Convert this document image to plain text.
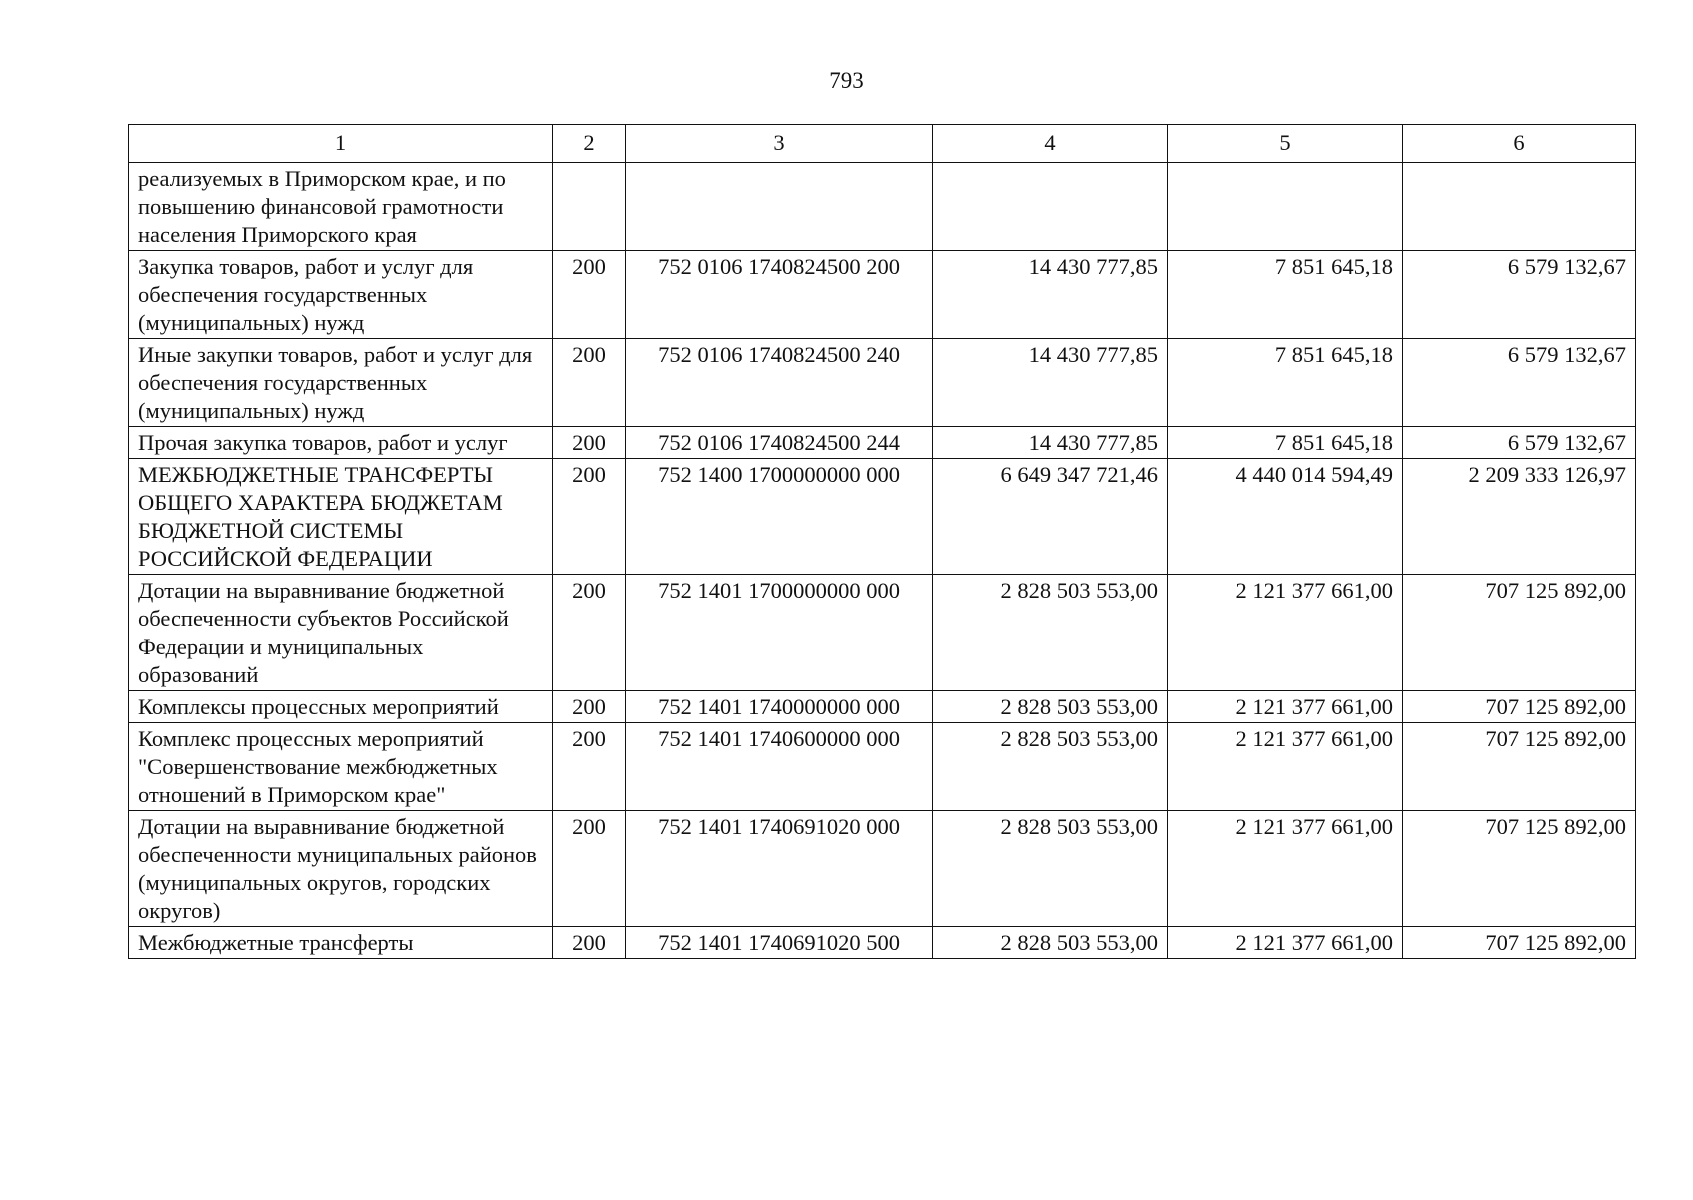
793
1	2	3	4	5	6
реализуемых в Приморском крае, и по повышению финансовой грамотности населения Приморского края					
Закупка товаров, работ и услуг для обеспечения государственных (муниципальных) нужд	200	752 0106 1740824500 200	14 430 777,85	7 851 645,18	6 579 132,67
Иные закупки товаров, работ и услуг для обеспечения государственных (муниципальных) нужд	200	752 0106 1740824500 240	14 430 777,85	7 851 645,18	6 579 132,67
Прочая закупка товаров, работ и услуг	200	752 0106 1740824500 244	14 430 777,85	7 851 645,18	6 579 132,67
МЕЖБЮДЖЕТНЫЕ ТРАНСФЕРТЫ ОБЩЕГО ХАРАКТЕРА БЮДЖЕТАМ БЮДЖЕТНОЙ СИСТЕМЫ РОССИЙСКОЙ ФЕДЕРАЦИИ	200	752 1400 1700000000 000	6 649 347 721,46	4 440 014 594,49	2 209 333 126,97
Дотации на выравнивание бюджетной обеспеченности субъектов Российской Федерации и муниципальных образований	200	752 1401 1700000000 000	2 828 503 553,00	2 121 377 661,00	707 125 892,00
Комплексы процессных мероприятий	200	752 1401 1740000000 000	2 828 503 553,00	2 121 377 661,00	707 125 892,00
Комплекс процессных мероприятий "Совершенствование межбюджетных отношений в Приморском крае"	200	752 1401 1740600000 000	2 828 503 553,00	2 121 377 661,00	707 125 892,00
Дотации на выравнивание бюджетной обеспеченности муниципальных районов (муниципальных округов, городских округов)	200	752 1401 1740691020 000	2 828 503 553,00	2 121 377 661,00	707 125 892,00
Межбюджетные трансферты	200	752 1401 1740691020 500	2 828 503 553,00	2 121 377 661,00	707 125 892,00
